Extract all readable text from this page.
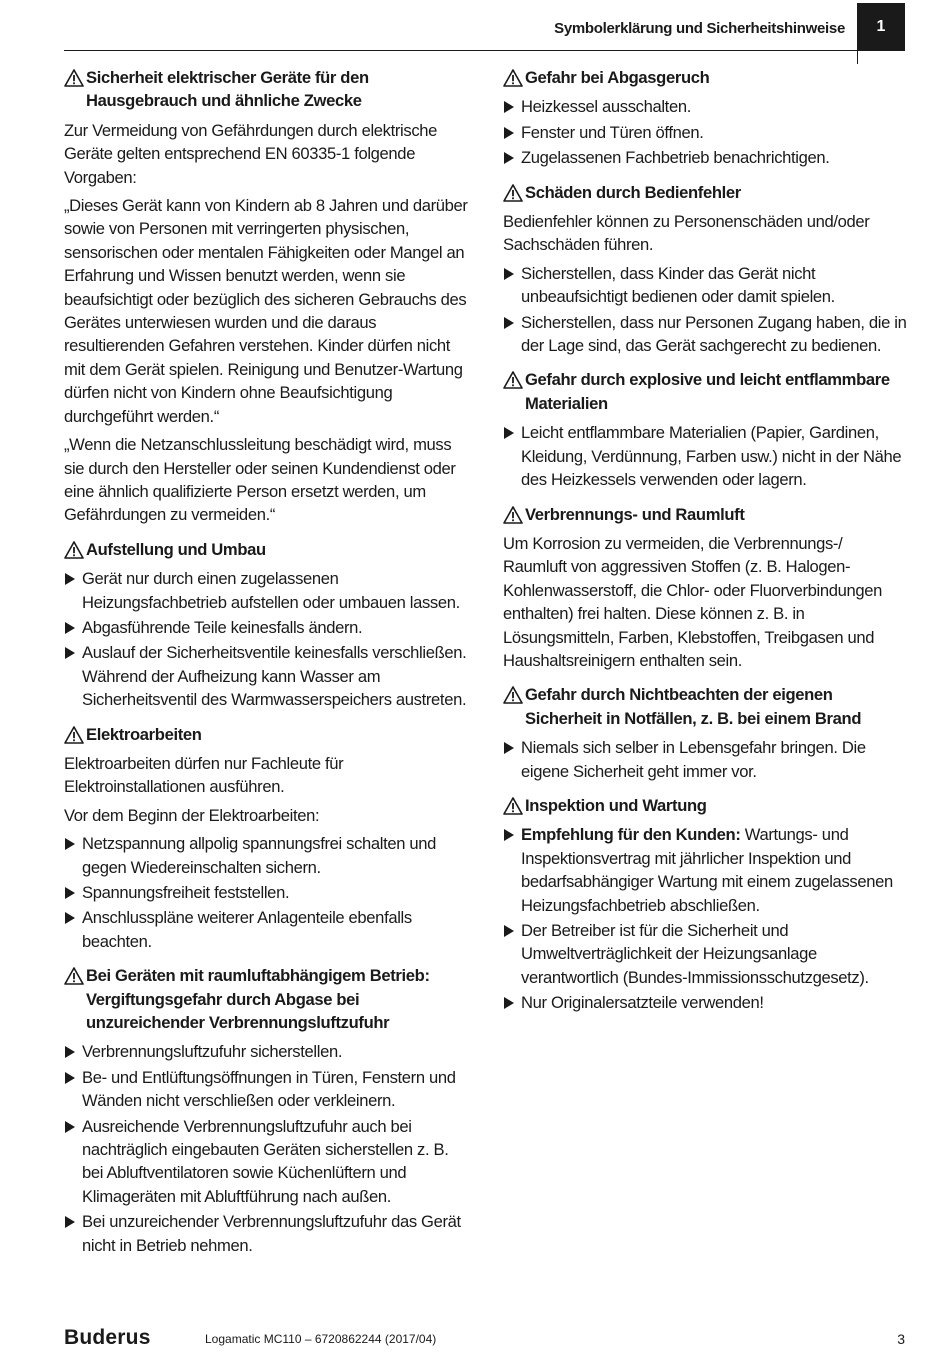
Symbolerklärung und Sicherheitshinweise	1
Sicherheit elektrischer Geräte für den Hausgebrauch und ähnliche Zwecke

Zur Vermeidung von Gefährdungen durch elektrische Geräte gelten entsprechend EN 60335-1 folgende Vorgaben:

„Dieses Gerät kann von Kindern ab 8 Jahren und darüber sowie von Personen mit verringerten physischen, sensorischen oder mentalen Fähigkeiten oder Mangel an Erfahrung und Wissen benutzt werden, wenn sie beaufsichtigt oder bezüglich des sicheren Gebrauchs des Gerätes unterwiesen wurden und die daraus resultierenden Gefahren verstehen. Kinder dürfen nicht mit dem Gerät spielen. Reinigung und Benutzer-Wartung dürfen nicht von Kindern ohne Beaufsichtigung durchgeführt werden.“

„Wenn die Netzanschlussleitung beschädigt wird, muss sie durch den Hersteller oder seinen Kundendienst oder eine ähnlich qualifizierte Person ersetzt werden, um Gefährdungen zu vermeiden.“

Aufstellung und Umbau
Gerät nur durch einen zugelassenen Heizungsfachbetrieb aufstellen oder umbauen lassen.
Abgasführende Teile keinesfalls ändern.
Auslauf der Sicherheitsventile keinesfalls verschließen.
Während der Aufheizung kann Wasser am Sicherheitsventil des Warmwasserspeichers austreten.
Elektroarbeiten

Elektroarbeiten dürfen nur Fachleute für Elektroinstallationen ausführen.

Vor dem Beginn der Elektroarbeiten:

Netzspannung allpolig spannungsfrei schalten und gegen Wiedereinschalten sichern.
Spannungsfreiheit feststellen.
Anschlusspläne weiterer Anlagenteile ebenfalls beachten.
Bei Geräten mit raumluftabhängigem Betrieb: Vergiftungsgefahr durch Abgase bei unzureichender Verbrennungsluftzufuhr
Verbrennungsluftzufuhr sicherstellen.
Be- und Entlüftungsöffnungen in Türen, Fenstern und Wänden nicht verschließen oder verkleinern.
Ausreichende Verbrennungsluftzufuhr auch bei nachträglich eingebauten Geräten sicherstellen z. B. bei Abluftventilatoren sowie Küchenlüftern und Klimageräten mit Abluftführung nach außen.
Bei unzureichender Verbrennungsluftzufuhr das Gerät nicht in Betrieb nehmen.
Gefahr bei Abgasgeruch
Heizkessel ausschalten.
Fenster und Türen öffnen.
Zugelassenen Fachbetrieb benachrichtigen.
Schäden durch Bedienfehler

Bedienfehler können zu Personenschäden und/oder Sachschäden führen.

Sicherstellen, dass Kinder das Gerät nicht unbeaufsichtigt bedienen oder damit spielen.
Sicherstellen, dass nur Personen Zugang haben, die in der Lage sind, das Gerät sachgerecht zu bedienen.
Gefahr durch explosive und leicht entflammbare Materialien
Leicht entflammbare Materialien (Papier, Gardinen, Kleidung, Verdünnung, Farben usw.) nicht in der Nähe des Heizkessels verwenden oder lagern.
Verbrennungs- und Raumluft

Um Korrosion zu vermeiden, die Verbrennungs-/ Raumluft von aggressiven Stoffen (z. B. Halogen-Kohlenwasserstoff, die Chlor- oder Fluorverbindungen enthalten) frei halten. Diese können z. B. in Lösungsmitteln, Farben, Klebstoffen, Treibgasen und Haushaltsreinigern enthalten sein.

Gefahr durch Nichtbeachten der eigenen Sicherheit in Notfällen, z. B. bei einem Brand
Niemals sich selber in Lebensgefahr bringen. Die eigene Sicherheit geht immer vor.
Inspektion und Wartung
Empfehlung für den Kunden: Wartungs- und Inspektionsvertrag mit jährlicher Inspektion und bedarfsabhängiger Wartung mit einem zugelassenen Heizungsfachbetrieb abschließen.
Der Betreiber ist für die Sicherheit und Umweltverträglichkeit der Heizungsanlage verantwortlich (Bundes-Immissionsschutzgesetz).
Nur Originalersatzteile verwenden!
Buderus	Logamatic MC110 – 6720862244 (2017/04)	3
